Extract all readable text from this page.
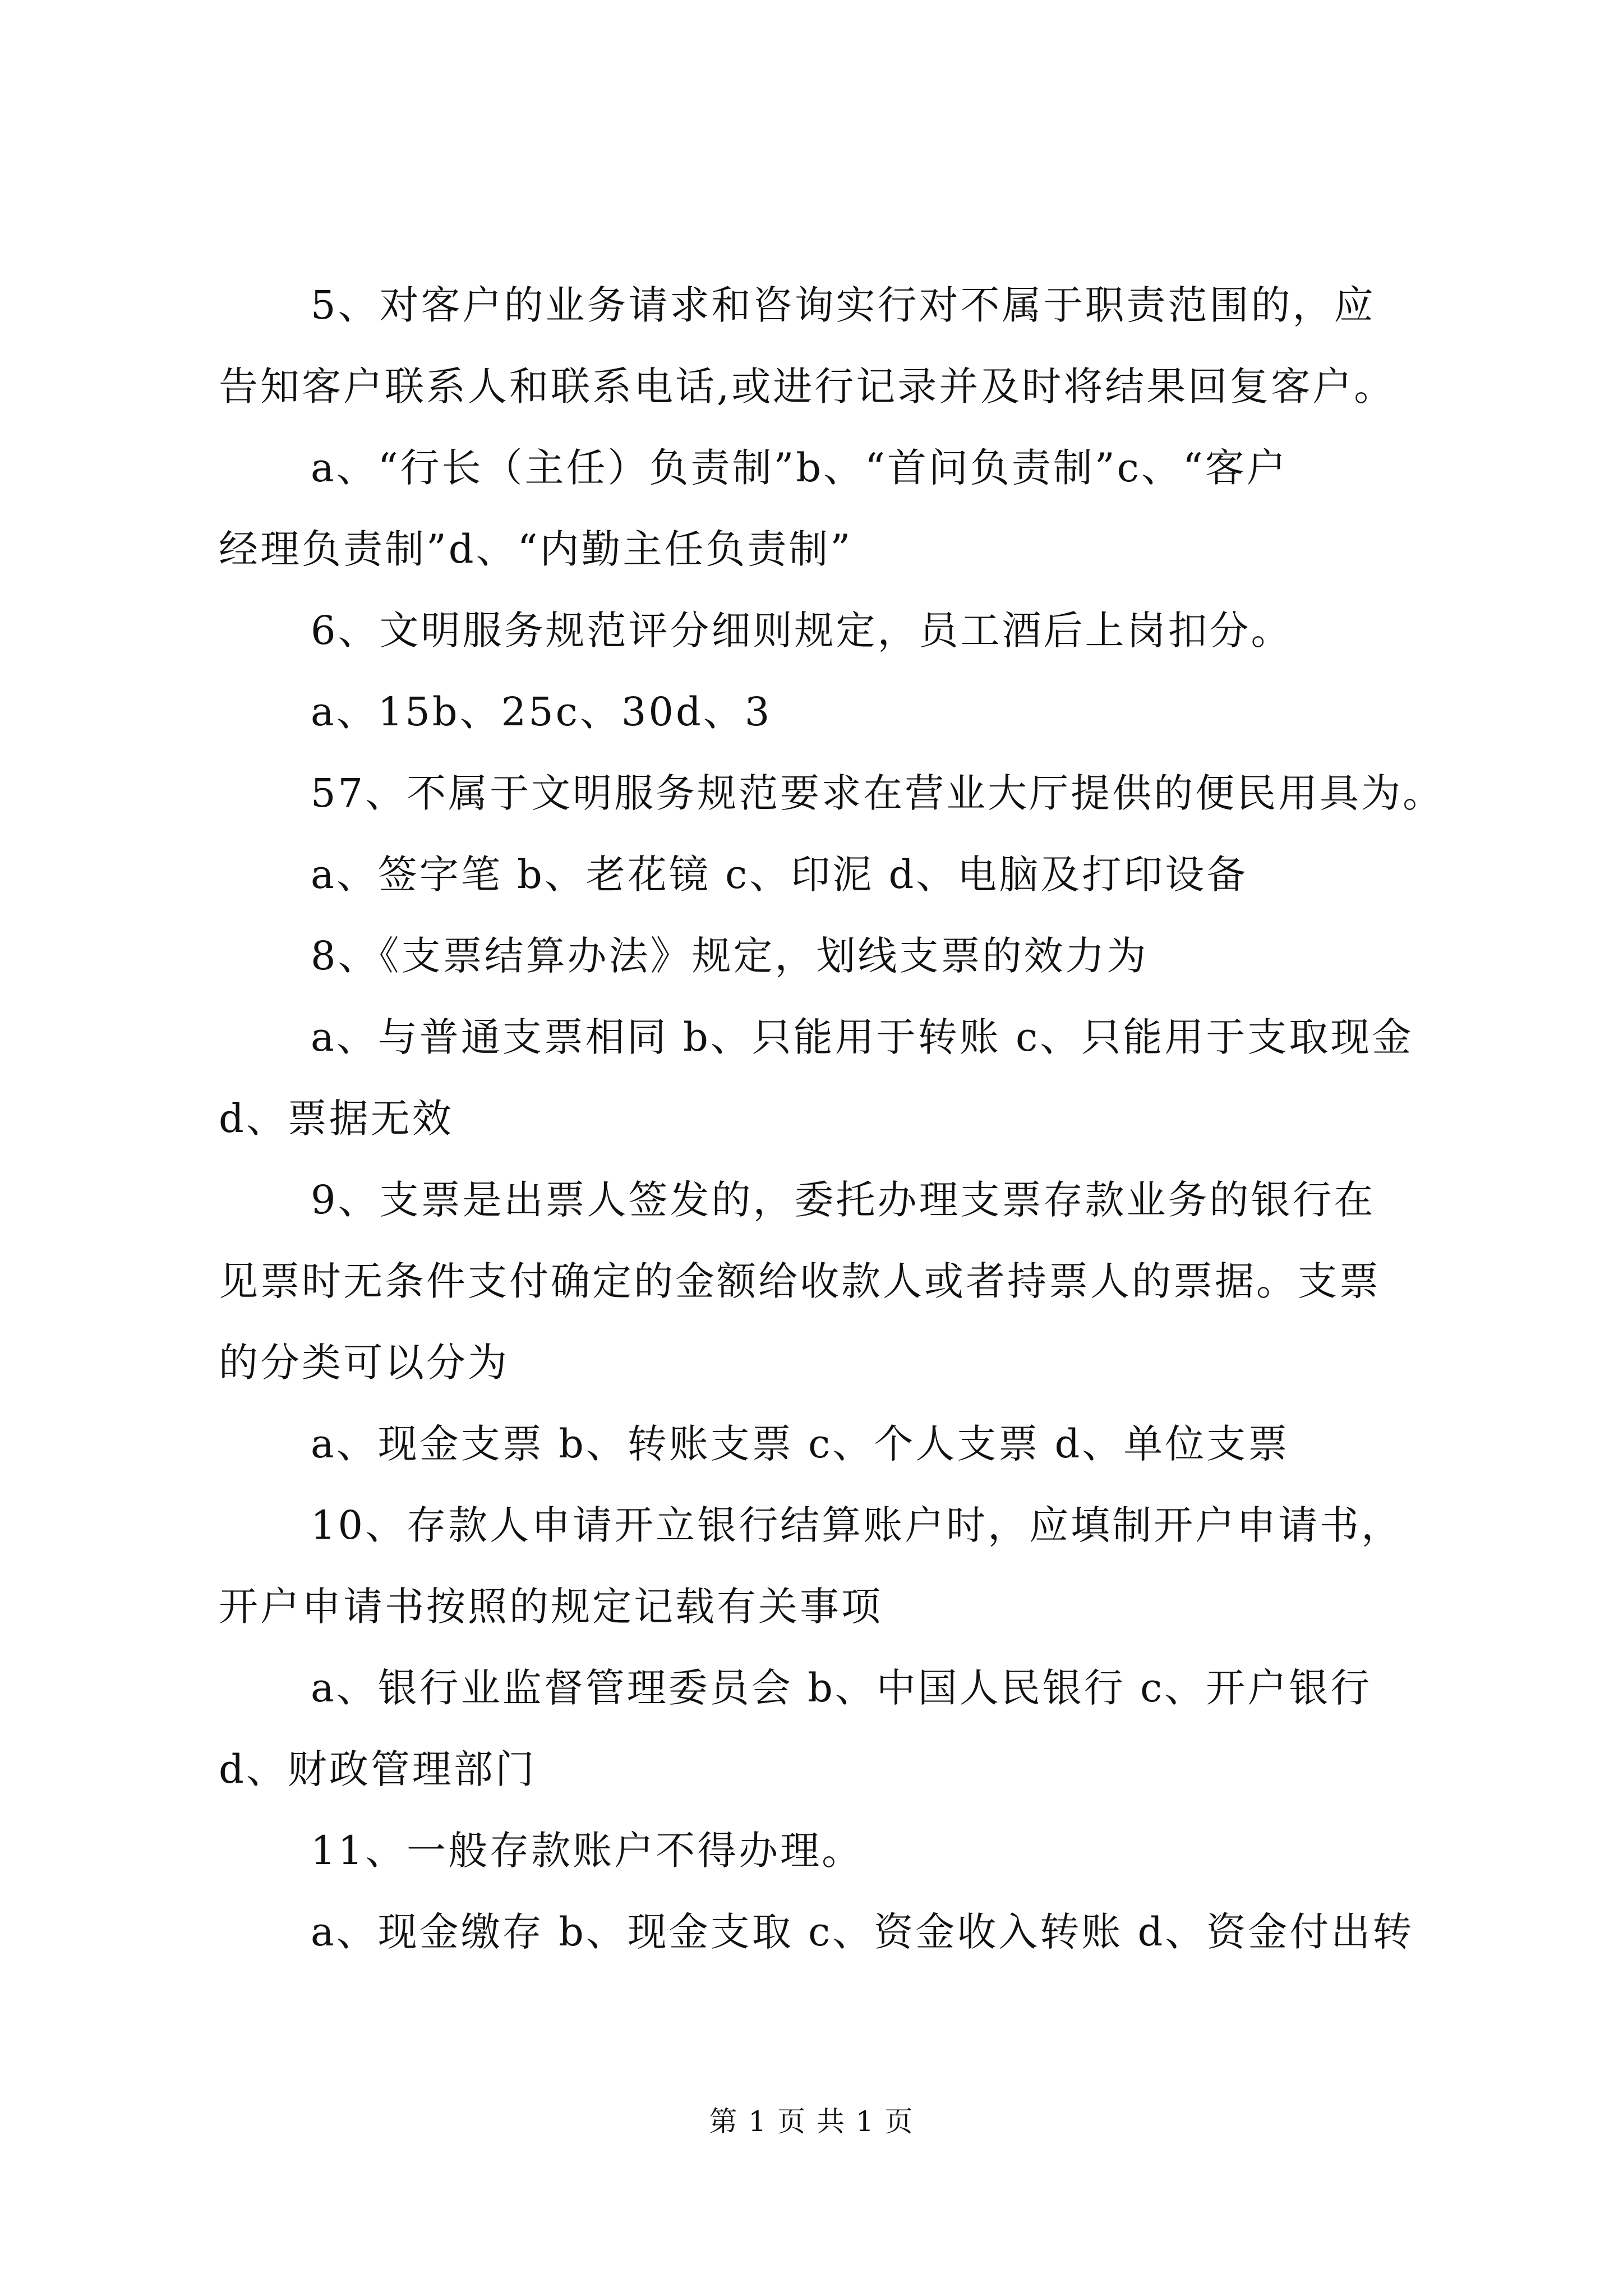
5、对客户的业务请求和咨询实行对不属于职责范围的，应

告知客户联系人和联系电话,或进行记录并及时将结果回复客户。

a、“行长（主任）负责制”b、“首问负责制”c、“客户

经理负责制”d、“内勤主任负责制”

6、文明服务规范评分细则规定，员工酒后上岗扣分。

a、15b、25c、30d、3

57、不属于文明服务规范要求在营业大厅提供的便民用具为。

a、签字笔 b、老花镜 c、印泥 d、电脑及打印设备

8、《支票结算办法》规定，划线支票的效力为

a、与普通支票相同 b、只能用于转账 c、只能用于支取现金

d、票据无效

9、支票是出票人签发的，委托办理支票存款业务的银行在

见票时无条件支付确定的金额给收款人或者持票人的票据。支票

的分类可以分为

a、现金支票 b、转账支票 c、个人支票 d、单位支票

10、存款人申请开立银行结算账户时，应填制开户申请书，

开户申请书按照的规定记载有关事项

a、银行业监督管理委员会 b、中国人民银行 c、开户银行

d、财政管理部门

11、一般存款账户不得办理。

a、现金缴存 b、现金支取 c、资金收入转账 d、资金付出转

第 1 页 共 1 页
